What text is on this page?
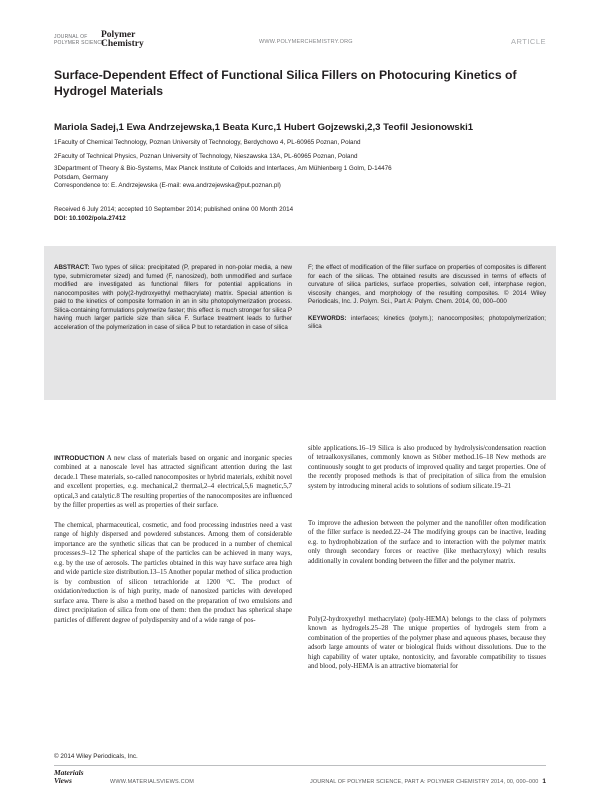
JOURNAL OF POLYMER SCIENCE
Polymer Chemistry	WWW.POLYMERCHEMISTRY.ORG	ARTICLE
Surface-Dependent Effect of Functional Silica Fillers on Photocuring Kinetics of Hydrogel Materials
Mariola Sadej,1 Ewa Andrzejewska,1 Beata Kurc,1 Hubert Gojzewski,2,3 Teofil Jesionowski1
1Faculty of Chemical Technology, Poznan University of Technology, Berdychowo 4, PL-60965 Poznan, Poland
2Faculty of Technical Physics, Poznan University of Technology, Nieszawska 13A, PL-60965 Poznan, Poland
3Department of Theory & Bio-Systems, Max Planck Institute of Colloids and Interfaces, Am Mühlenberg 1 Golm, D-14476
Potsdam, Germany
Correspondence to: E. Andrzejewska (E-mail: ewa.andrzejewska@put.poznan.pl)
Received 6 July 2014; accepted 10 September 2014; published online 00 Month 2014
DOI: 10.1002/pola.27412
ABSTRACT: Two types of silica: precipitated (P, prepared in non-polar media, a new type, submicrometer sized) and fumed (F, nanosized), both unmodified and surface modified are investigated as functional fillers for potential applications in nanocomposites with poly(2-hydroxyethyl methacrylate) matrix. Special attention is paid to the kinetics of composite formation in an in situ photopolymerization process. Silica-containing formulations polymerize faster; this effect is much stronger for silica P having much larger particle size than silica F. Surface treatment leads to further acceleration of the polymerization in case of silica P but to retardation in case of silica
F; the effect of modification of the filler surface on properties of composites is different for each of the silicas. The obtained results are discussed in terms of effects of curvature of silica particles, surface properties, solvation cell, interphase region, viscosity changes, and morphology of the resulting composites. © 2014 Wiley Periodicals, Inc. J. Polym. Sci., Part A: Polym. Chem. 2014, 00, 000–000
KEYWORDS: interfaces; kinetics (polym.); nanocomposites; photopolymerization; silica
INTRODUCTION A new class of materials based on organic and inorganic species combined at a nanoscale level has attracted significant attention during the last decade.1 These materials, so-called nanocomposites or hybrid materials, exhibit novel and excellent properties, e.g. mechanical,2 thermal,2–4 electrical,5,6 magnetic,5,7 optical,3 and catalytic.8 The resulting properties of the nanocomposites are influenced by the filler properties as well as properties of their surface.
The chemical, pharmaceutical, cosmetic, and food processing industries need a vast range of highly dispersed and powdered substances. Among them of considerable importance are the synthetic silicas that can be produced in a number of chemical processes.9–12 The spherical shape of the particles can be achieved in many ways, e.g. by the use of aerosols. The particles obtained in this way have surface area high and wide particle size distribution.13–15 Another popular method of silica production is by combustion of silicon tetrachloride at 1200 °C. The product of oxidation/reduction is of high purity, made of nanosized particles with developed surface area. There is also a method based on the preparation of two emulsions and direct precipitation of silica from one of them: then the product has spherical shape particles of different degree of polydispersity and of a wide range of pos-
sible applications.16–19 Silica is also produced by hydrolysis/condensation reaction of tetraalkoxysilanes, commonly known as Stöber method.16–18 New methods are continuously sought to get products of improved quality and target properties. One of the recently proposed methods is that of precipitation of silica from the emulsion system by introducing mineral acids to solutions of sodium silicate.19–21
To improve the adhesion between the polymer and the nanofiller often modification of the filler surface is needed.22–24 The modifying groups can be inactive, leading e.g. to hydrophobization of the surface and to interaction with the polymer matrix only through secondary forces or reactive (like methacryloxy) which results additionally in covalent bonding between the filler and the polymer matrix.
Poly(2-hydroxyethyl methacrylate) (poly-HEMA) belongs to the class of polymers known as hydrogels.25–28 The unique properties of hydrogels stem from a combination of the properties of the polymer phase and aqueous phases, because they adsorb large amounts of water or biological fluids without dissolutions. Due to the high capability of water uptake, nontoxicity, and favorable compatibility to tissues and blood, poly-HEMA is an attractive biomaterial for
© 2014 Wiley Periodicals, Inc.
Materials Views	WWW.MATERIALSVIEWS.COM	JOURNAL OF POLYMER SCIENCE, PART A: POLYMER CHEMISTRY 2014, 00, 000–000 1
